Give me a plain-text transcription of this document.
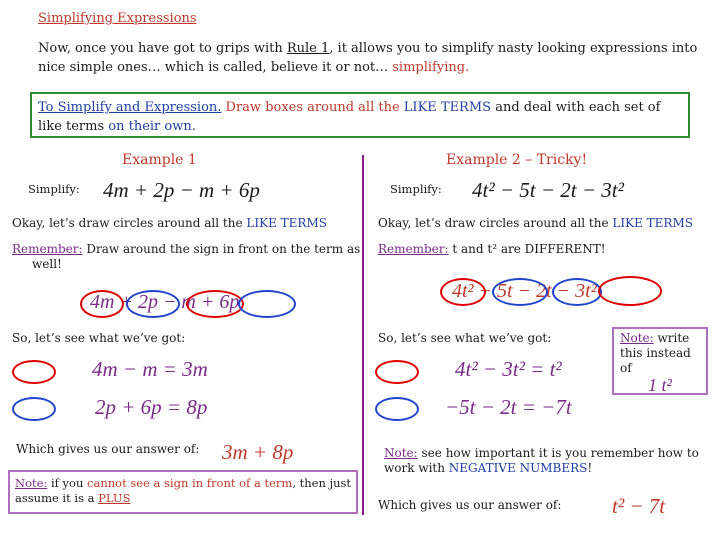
Simplifying Expressions
Now, once you have got to grips with Rule 1, it allows you to simplify nasty looking expressions into nice simple ones… which is called, believe it or not… simplifying.
To Simplify and Expression. Draw boxes around all the LIKE TERMS and deal with each set of like terms on their own.
Example 1
Simplify: 4m + 2p − m + 6p
Okay, let’s draw circles around all the LIKE TERMS
Remember: Draw around the sign in front on the term as well!
4m + 2p − m + 6p
So, let’s see what we’ve got:
4m − m = 3m
2p + 6p = 8p
Which gives us our answer of: 3m + 8p
Note: if you cannot see a sign in front of a term, then just assume it is a PLUS
Example 2 – Tricky!
Simplify: 4t² − 5t − 2t − 3t²
Okay, let’s draw circles around all the LIKE TERMS
Remember: t and t² are DIFFERENT!
4t² − 5t − 2t − 3t²
So, let’s see what we’ve got:
4t² − 3t² = t²
−5t − 2t = −7t
Note: write this instead of
1 t²
Note: see how important it is you remember how to work with NEGATIVE NUMBERS!
Which gives us our answer of: t² − 7t
